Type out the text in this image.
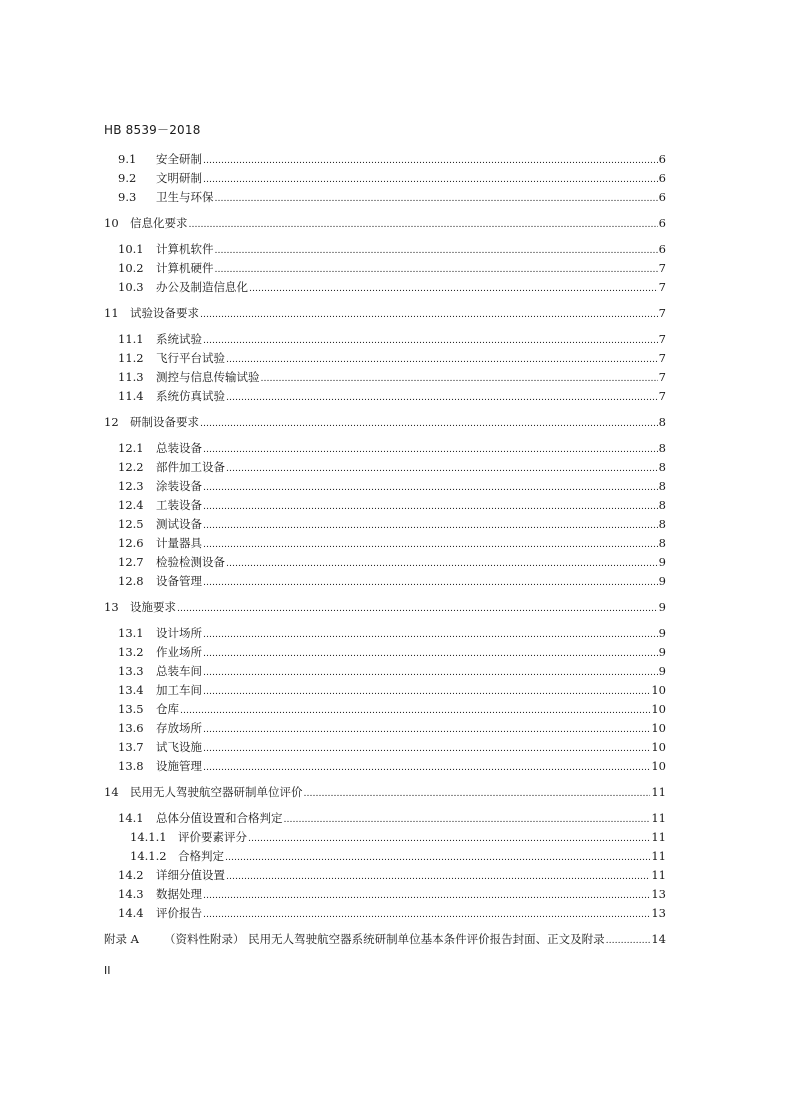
HB 8539－2018
9.1	安全研制 …………………………………………………………………………………………………………………………………………………………………………………………………………………………………………………………………	6
9.2	文明研制 …………………………………………………………………………………………………………………………………………………………………………………………………………………………………………………………………	6
9.3	卫生与环保 …………………………………………………………………………………………………………………………………………………………………………………………………………………………………………………………………	6
10 信息化要求 …………………………………………………………………………………………………………………………………………………………………………………………………………………………………………………………………	6
10.1 计算机软件 …………………………………………………………………………………………………………………………………………………………………………………………………………………………………………………………………	6
10.2 计算机硬件 …………………………………………………………………………………………………………………………………………………………………………………………………………………………………………………………………	7
10.3 办公及制造信息化 …………………………………………………………………………………………………………………………………………………………………………………………………………………………………………………………………	7
11 试验设备要求 …………………………………………………………………………………………………………………………………………………………………………………………………………………………………………………………………	7
11.1 系统试验 …………………………………………………………………………………………………………………………………………………………………………………………………………………………………………………………………	7
11.2 飞行平台试验 …………………………………………………………………………………………………………………………………………………………………………………………………………………………………………………………………	7
11.3 测控与信息传输试验 …………………………………………………………………………………………………………………………………………………………………………………………………………………………………………………………………	7
11.4 系统仿真试验 …………………………………………………………………………………………………………………………………………………………………………………………………………………………………………………………………	7
12 研制设备要求 …………………………………………………………………………………………………………………………………………………………………………………………………………………………………………………………………	8
12.1 总装设备 …………………………………………………………………………………………………………………………………………………………………………………………………………………………………………………………………	8
12.2 部件加工设备 …………………………………………………………………………………………………………………………………………………………………………………………………………………………………………………………………	8
12.3 涂装设备 …………………………………………………………………………………………………………………………………………………………………………………………………………………………………………………………………	8
12.4 工装设备 …………………………………………………………………………………………………………………………………………………………………………………………………………………………………………………………………	8
12.5 测试设备 …………………………………………………………………………………………………………………………………………………………………………………………………………………………………………………………………	8
12.6 计量器具 …………………………………………………………………………………………………………………………………………………………………………………………………………………………………………………………………	8
12.7 检验检测设备 …………………………………………………………………………………………………………………………………………………………………………………………………………………………………………………………………	9
12.8 设备管理 …………………………………………………………………………………………………………………………………………………………………………………………………………………………………………………………………	9
13 设施要求 …………………………………………………………………………………………………………………………………………………………………………………………………………………………………………………………………	9
13.1 设计场所 …………………………………………………………………………………………………………………………………………………………………………………………………………………………………………………………………	9
13.2 作业场所 …………………………………………………………………………………………………………………………………………………………………………………………………………………………………………………………………	9
13.3 总装车间 …………………………………………………………………………………………………………………………………………………………………………………………………………………………………………………………………	9
13.4 加工车间 …………………………………………………………………………………………………………………………………………………………………………………………………………………………………………………………………	10
13.5 仓库 …………………………………………………………………………………………………………………………………………………………………………………………………………………………………………………………………	10
13.6 存放场所 …………………………………………………………………………………………………………………………………………………………………………………………………………………………………………………………………	10
13.7 试飞设施 …………………………………………………………………………………………………………………………………………………………………………………………………………………………………………………………………	10
13.8 设施管理 …………………………………………………………………………………………………………………………………………………………………………………………………………………………………………………………………	10
14 民用无人驾驶航空器研制单位评价 …………………………………………………………………………………………………………………………………………………………………………………………………………………………………………………………………	11
14.1 总体分值设置和合格判定 …………………………………………………………………………………………………………………………………………………………………………………………………………………………………………………………………	11
14.1.1 评价要素评分 …………………………………………………………………………………………………………………………………………………………………………………………………………………………………………………………………	11
14.1.2 合格判定 …………………………………………………………………………………………………………………………………………………………………………………………………………………………………………………………………	11
14.2 详细分值设置 …………………………………………………………………………………………………………………………………………………………………………………………………………………………………………………………………	11
14.3 数据处理 …………………………………………………………………………………………………………………………………………………………………………………………………………………………………………………………………	13
14.4 评价报告 …………………………………………………………………………………………………………………………………………………………………………………………………………………………………………………………………	13
附录 A	（资料性附录） 民用无人驾驶航空器系统研制单位基本条件评价报告封面、正文及附录 …………………………………………………………………………………………………………………………………………………………………………………………………………………………………………………………………	14
II
